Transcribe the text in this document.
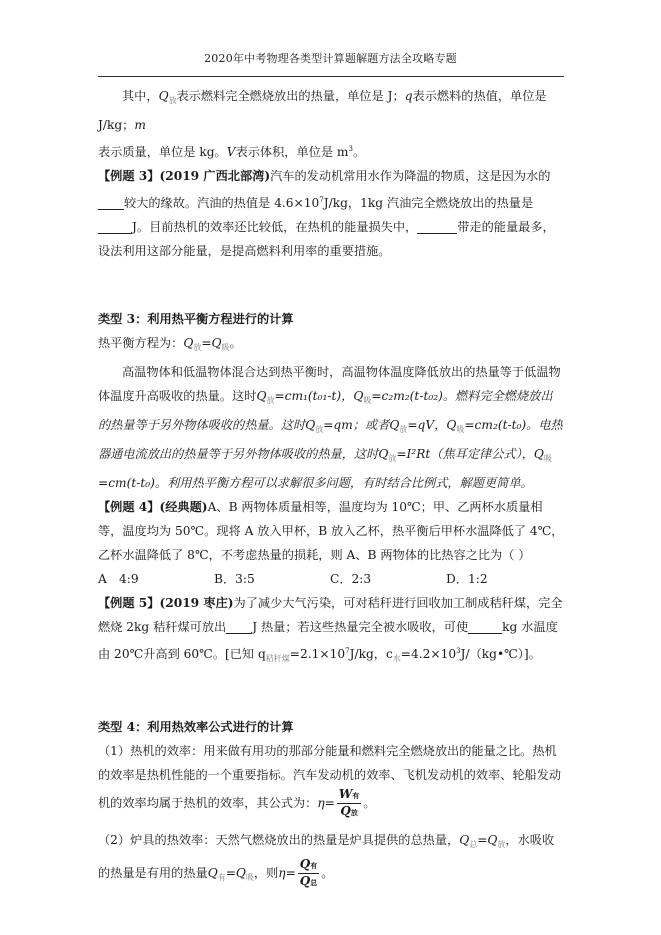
2020年中考物理各类型计算题解题方法全攻略专题

其中，$Q_放$表示燃料完全燃烧放出的热量，单位是 J；q表示燃料的热值，单位是 J/kg；m
表示质量，单位是 kg。V表示体积，单位是 $m^3$。

【例题 3】(2019 广西北部湾)汽车的发动机常用水作为降温的物质，这是因为水的较大的缘故。汽油的热值是 $4.6\times 10^7J/kg$，1kg 汽油完全燃烧放出的热量是J。目前热机的效率还比较低，在热机的能量损失中，	带走的能量最多，设法利用这部分能量，是提高燃料利用率的重要措施。

类型 3：利用热平衡方程进行的计算

热平衡方程为：$Q_放=Q_吸$。

高温物体和低温物体混合达到热平衡时，高温物体温度降低放出的热量等于低温物体温度升高吸收的热量。这时$Q_放=cm_1(t_{01}-t)$，$Q_吸=c_2m_2(t-t_{02})$。燃料完全燃烧放出的热量等于另外物体吸收的热量。这时$Q_放=qm$；或者$Q_放=qV$，$Q_吸=cm_2(t-t_0)$。电热器通电流放出的热量等于另外物体吸收的热量，这时$Q_放=I^2Rt$（焦耳定律公式），$Q_吸=cm(t-t_0)$。利用热平衡方程可以求解很多问题，有时结合比例式，解题更简单。

【例题 4】(经典题)A、B 两物体质量相等，温度均为 10℃；甲、乙两杯水质量相等，温度均为 50℃。现将 A 放入甲杯，B 放入乙杯，热平衡后甲杯水温降低了 4℃，乙杯水温降低了 8℃，不考虑热量的损耗，则 A、B 两物体的比热容之比为（ ）

A　4:9	B．3:5	C．2:3	D．1:2

【例题 5】(2019 枣庄)为了减少大气污染，可对秸秆进行回收加工制成秸秆煤，完全燃烧 2kg 秸秆煤可放出 J 热量；若这些热量完全被水吸收，可使	kg 水温度由 20℃升高到 60℃。[已知 $q_{秸秆煤}=2.1\times 10^7J/kg$，$c_水=4.2\times 10^3J/(kg•℃)$]。

类型 4：利用热效率公式进行的计算

（1）热机的效率：用来做有用功的那部分能量和燃料完全燃烧放出的能量之比。热机的效率是热机性能的一个重要指标。汽车发动机的效率、飞机发动机的效率、轮船发动机的效率均属于热机的效率，其公式为：$\eta= \frac{\text{W有}}{\text{Q放}}$ 。

（2）炉具的热效率：天然气燃烧放出的热量是炉具提供的总热量，$Q_总=Q_放$，水吸收的热量是有用的热量$Q_有=Q_吸$，则$\eta= \frac{\text{Q有}}{\text{Q总}}$ 。
